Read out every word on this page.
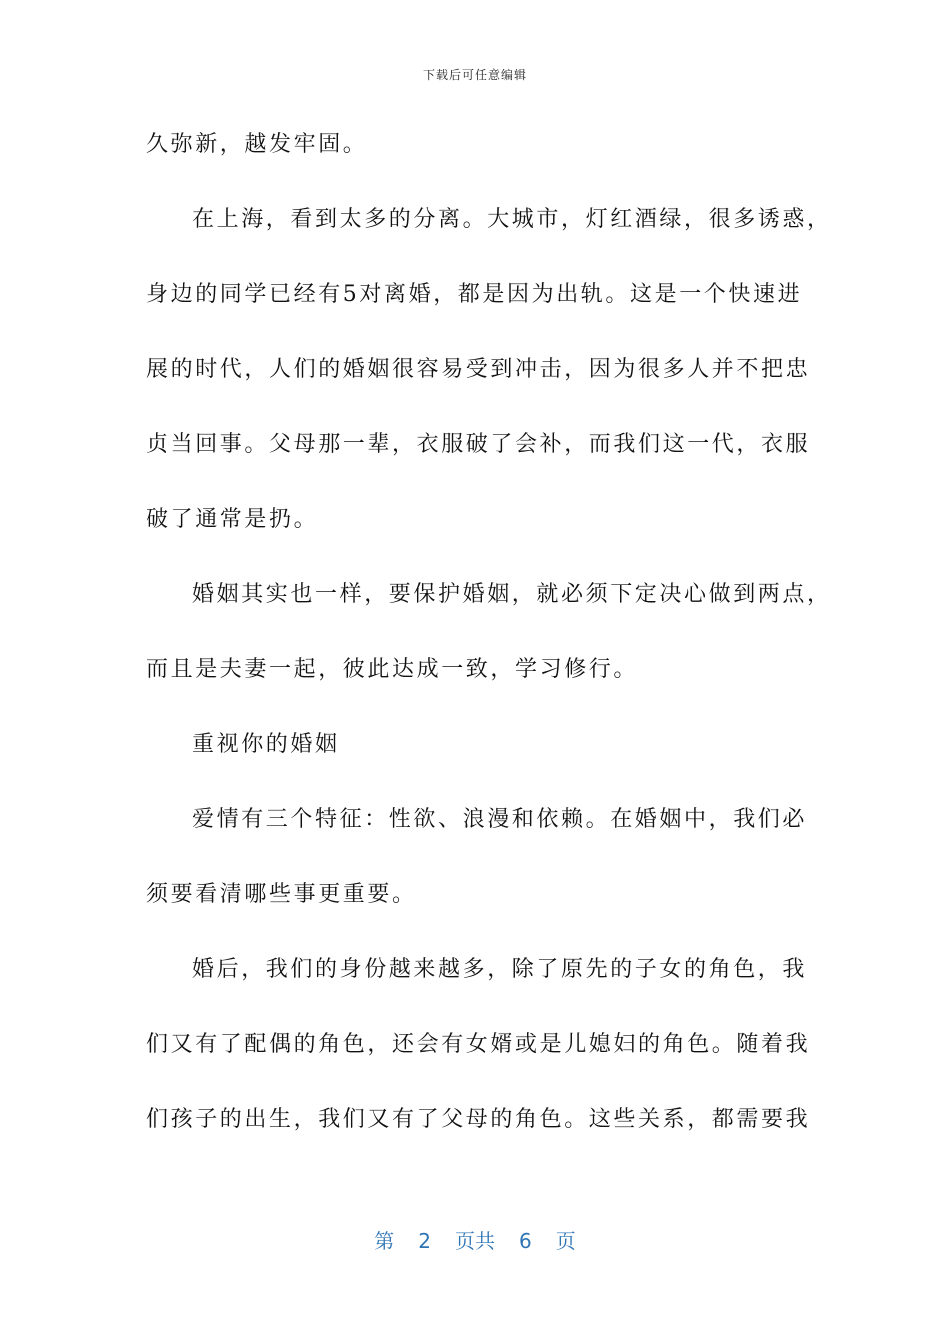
下载后可任意编辑
久弥新，越发牢固。
在上海，看到太多的分离。大城市，灯红酒绿，很多诱惑，
身边的同学已经有5对离婚，都是因为出轨。这是一个快速进
展的时代，人们的婚姻很容易受到冲击，因为很多人并不把忠
贞当回事。父母那一辈，衣服破了会补，而我们这一代，衣服
破了通常是扔。
婚姻其实也一样，要保护婚姻，就必须下定决心做到两点，
而且是夫妻一起，彼此达成一致，学习修行。
重视你的婚姻
爱情有三个特征：性欲、浪漫和依赖。在婚姻中，我们必
须要看清哪些事更重要。
婚后，我们的身份越来越多，除了原先的子女的角色，我
们又有了配偶的角色，还会有女婿或是儿媳妇的角色。随着我
们孩子的出生，我们又有了父母的角色。这些关系，都需要我
第 2 页共 6 页
